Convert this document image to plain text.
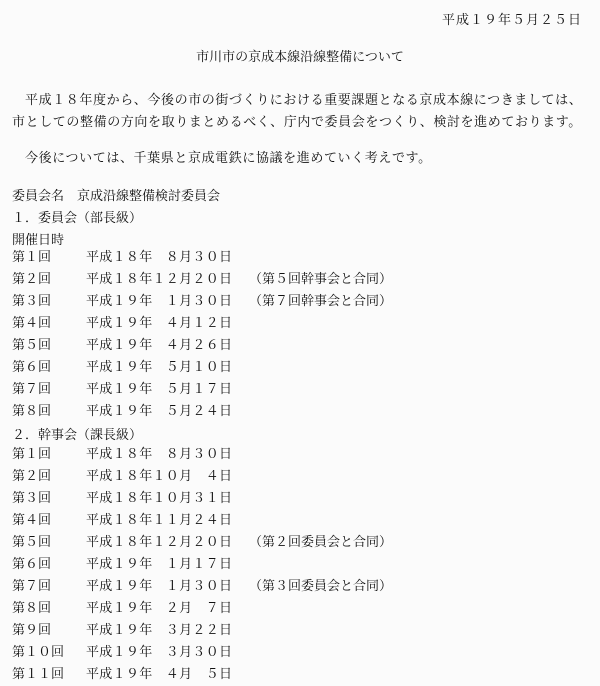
平成１９年５月２５日
市川市の京成本線沿線整備について

平成１８年度から、今後の市の街づくりにおける重要課題となる京成本線につきましては、市としての整備の方向を取りまとめるべく、庁内で委員会をつくり、検討を進めております。

今後については、千葉県と京成電鉄に協議を進めていく考えです。

委員会名　京成沿線整備検討委員会
１．委員会（部長級）
開催日時
第１回	平成１８年　８月３０日
第２回	平成１８年１２月２０日 （第５回幹事会と合同）
第３回	平成１９年　１月３０日 （第７回幹事会と合同）
第４回	平成１９年　４月１２日
第５回	平成１９年　４月２６日
第６回	平成１９年　５月１０日
第７回	平成１９年　５月１７日
第８回	平成１９年　５月２４日
２．幹事会（課長級）
第１回	平成１８年　８月３０日
第２回	平成１８年１０月　４日
第３回	平成１８年１０月３１日
第４回	平成１８年１１月２４日
第５回	平成１８年１２月２０日 （第２回委員会と合同）
第６回	平成１９年　１月１７日
第７回	平成１９年　１月３０日 （第３回委員会と合同）
第８回	平成１９年　２月　７日
第９回	平成１９年　３月２２日
第１０回 平成１９年　３月３０日
第１１回 平成１９年　４月　５日
